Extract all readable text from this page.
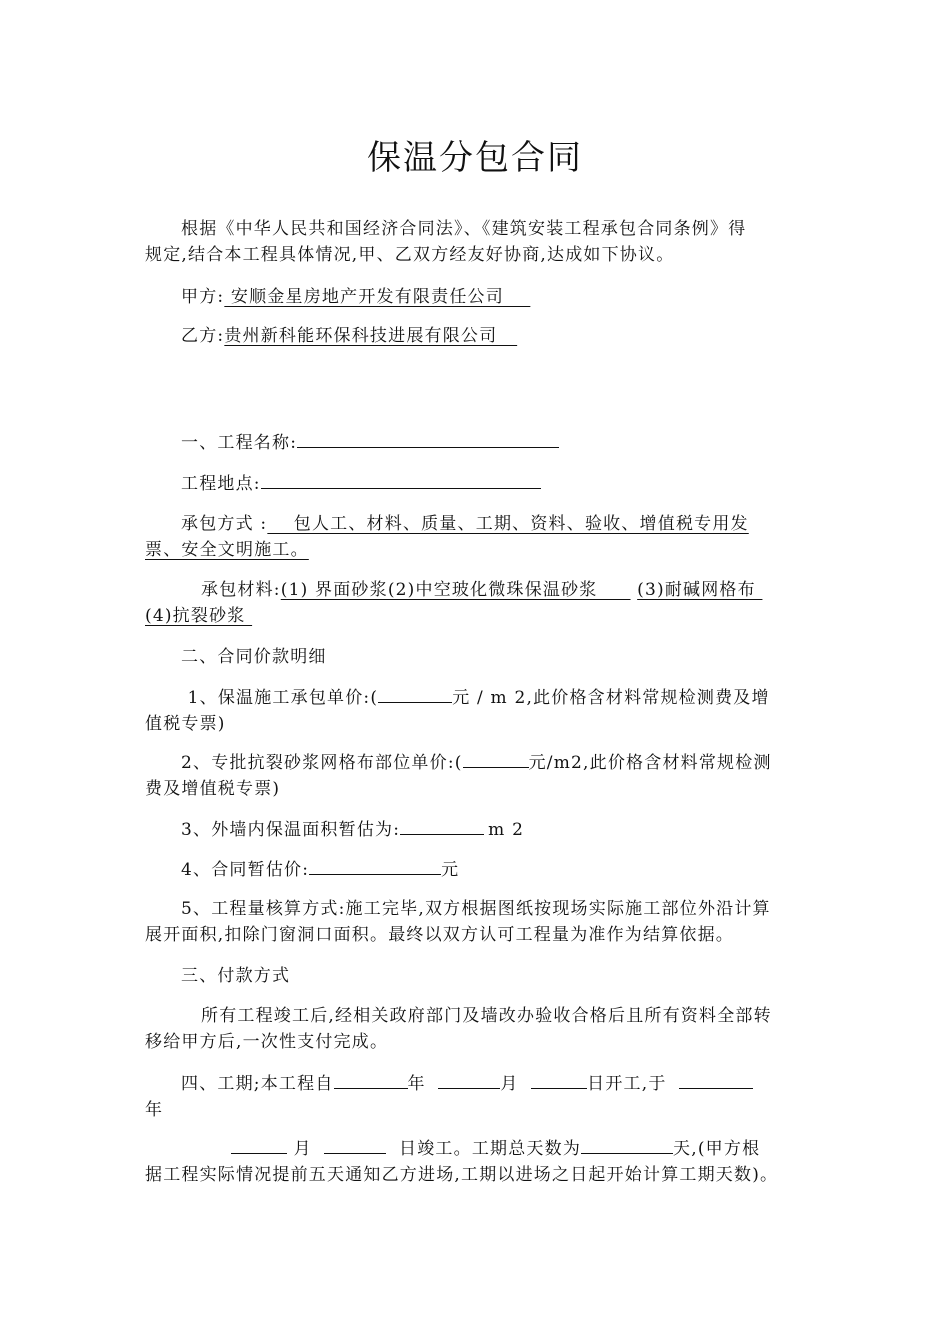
保温分包合同
根据《中华人民共和国经济合同法》、《建筑安装工程承包合同条例》得
规定,结合本工程具体情况,甲、乙双方经友好协商,达成如下协议。
甲方: 安顺金星房地产开发有限责任公司
乙方:贵州新科能环保科技进展有限公司
一、工程名称:
工程地点:
承包方式 :    包人工、材料、质量、工期、资料、验收、增值税专用发
票、安全文明施工。
承包材料:(1) 界面砂浆(2)中空玻化微珠保温砂浆      (3)耐碱网格布
(4)抗裂砂浆
二、合同价款明细
1、保温施工承包单价:(	元 / m 2,此价格含材料常规检测费及增
值税专票)
2、专批抗裂砂浆网格布部位单价:(	元/m2,此价格含材料常规检测
费及增值税专票)
3、外墙内保温面积暂估为:	m 2
4、合同暂估价:	元
5、工程量核算方式:施工完毕,双方根据图纸按现场实际施工部位外沿计算
展开面积,扣除门窗洞口面积。最终以双方认可工程量为准作为结算依据。
三、付款方式
所有工程竣工后,经相关政府部门及墙改办验收合格后且所有资料全部转
移给甲方后,一次性支付完成。
四、工期;本工程自	年	月	日开工,于
年
月	日竣工。工期总天数为	天,(甲方根
据工程实际情况提前五天通知乙方进场,工期以进场之日起开始计算工期天数)。
